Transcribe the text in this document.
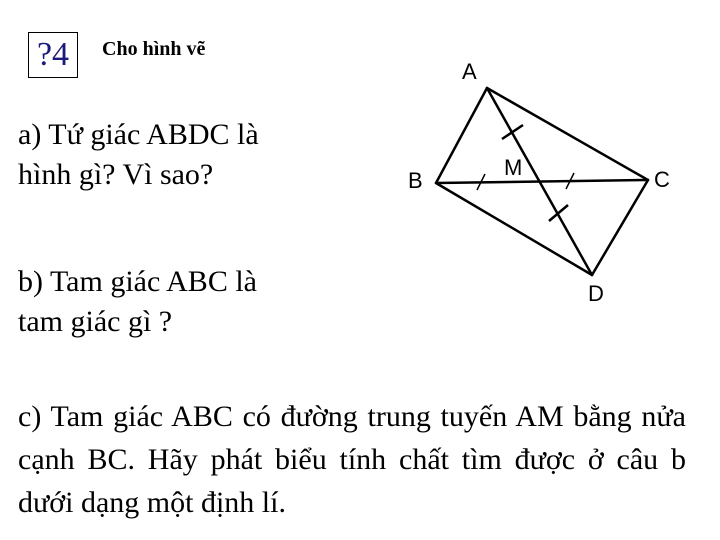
?4	Cho hình vẽ
a) Tứ giác ABDC là
hình gì? Vì sao?
b) Tam giác ABC là
tam giác gì ?
c) Tam giác ABC có đường trung tuyến AM bằng nửa cạnh BC. Hãy phát biểu tính chất tìm được ở câu b dưới dạng một định lí.
A
B	C
D
M
